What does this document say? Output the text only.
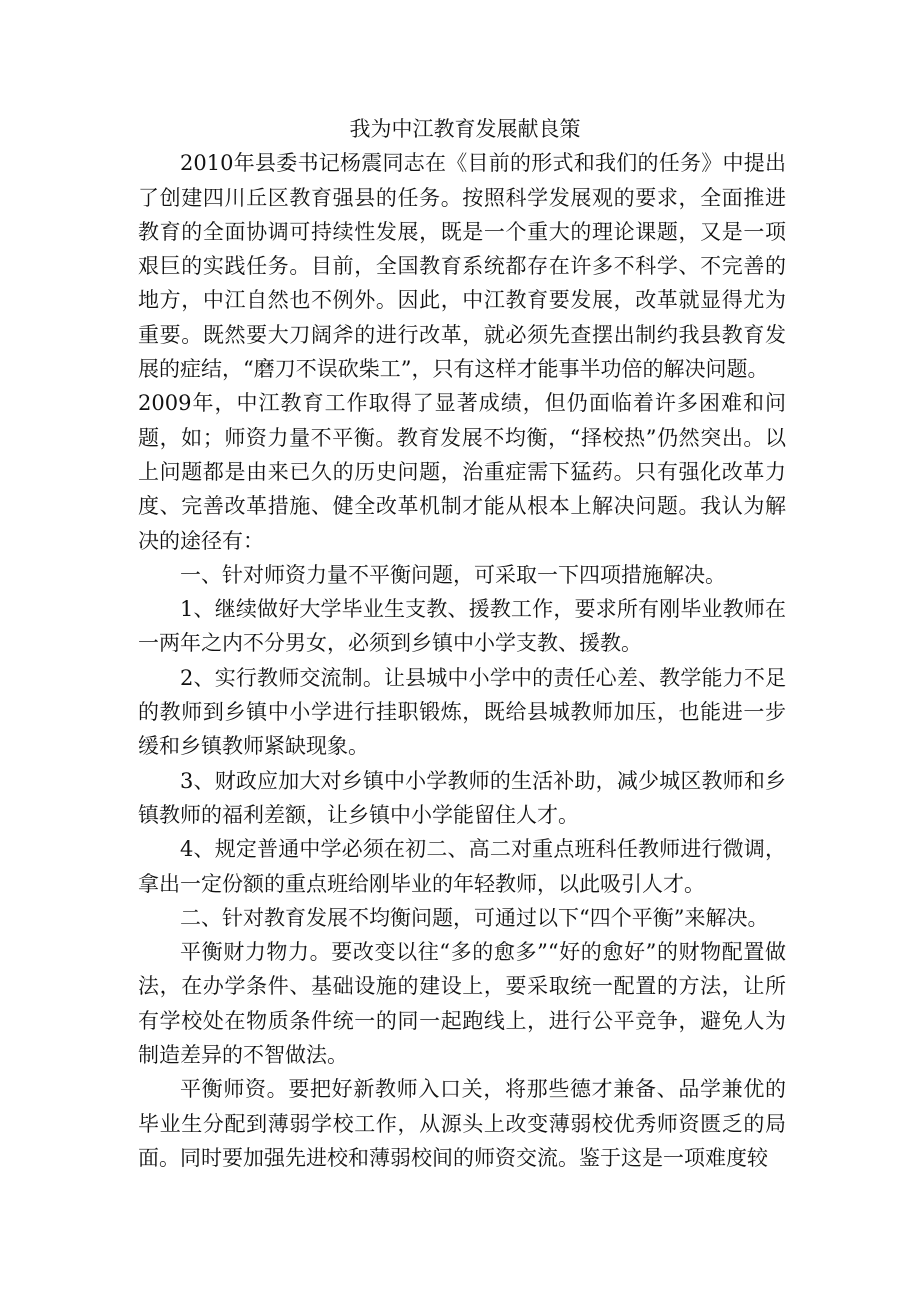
我为中江教育发展献良策

2010年县委书记杨震同志在《目前的形式和我们的任务》中提出了创建四川丘区教育强县的任务。按照科学发展观的要求，全面推进教育的全面协调可持续性发展，既是一个重大的理论课题，又是一项艰巨的实践任务。目前，全国教育系统都存在许多不科学、不完善的地方，中江自然也不例外。因此，中江教育要发展，改革就显得尤为重要。既然要大刀阔斧的进行改革，就必须先查摆出制约我县教育发展的症结，“磨刀不误砍柴工”，只有这样才能事半功倍的解决问题。

2009年，中江教育工作取得了显著成绩，但仍面临着许多困难和问题，如；师资力量不平衡。教育发展不均衡，“择校热”仍然突出。以上问题都是由来已久的历史问题，治重症需下猛药。只有强化改革力度、完善改革措施、健全改革机制才能从根本上解决问题。我认为解决的途径有：

一、针对师资力量不平衡问题，可采取一下四项措施解决。

1、继续做好大学毕业生支教、援教工作，要求所有刚毕业教师在一两年之内不分男女，必须到乡镇中小学支教、援教。

2、实行教师交流制。让县城中小学中的责任心差、教学能力不足的教师到乡镇中小学进行挂职锻炼，既给县城教师加压，也能进一步缓和乡镇教师紧缺现象。

3、财政应加大对乡镇中小学教师的生活补助，减少城区教师和乡镇教师的福利差额，让乡镇中小学能留住人才。

4、规定普通中学必须在初二、高二对重点班科任教师进行微调，拿出一定份额的重点班给刚毕业的年轻教师，以此吸引人才。

二、针对教育发展不均衡问题，可通过以下“四个平衡”来解决。

平衡财力物力。要改变以往“多的愈多”“好的愈好”的财物配置做法，在办学条件、基础设施的建设上，要采取统一配置的方法，让所有学校处在物质条件统一的同一起跑线上，进行公平竞争，避免人为制造差异的不智做法。

平衡师资。要把好新教师入口关，将那些德才兼备、品学兼优的毕业生分配到薄弱学校工作，从源头上改变薄弱校优秀师资匮乏的局面。同时要加强先进校和薄弱校间的师资交流。鉴于这是一项难度较
